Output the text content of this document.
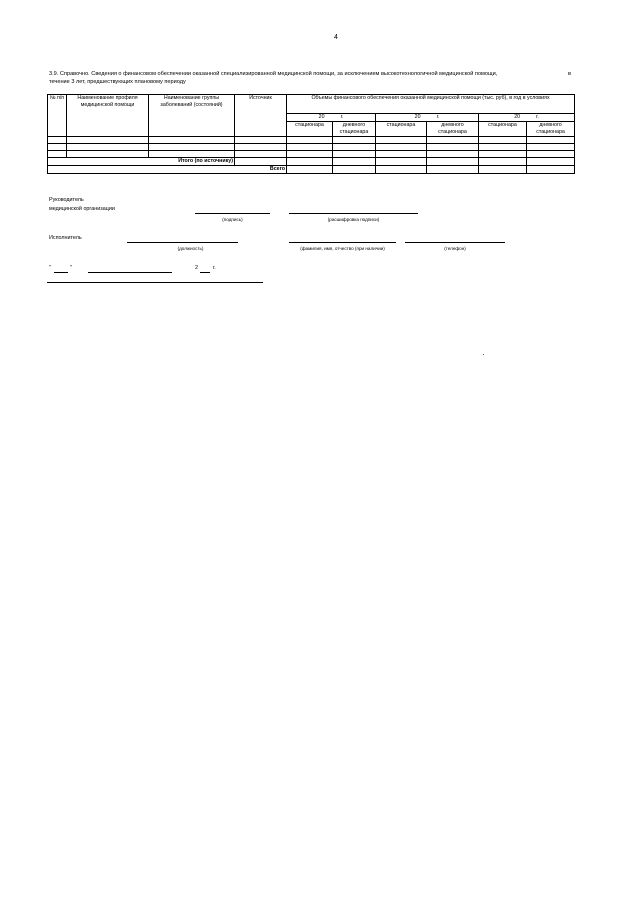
4
3.9. Справочно. Сведения о финансовом обеспечении оказанной специализированной медицинской помощи, за исключением высокотехнологичной медицинской помощи,	в
течение 3 лет, предшествующих плановому периоду
№ п/п	Наименование профиля медицинской помощи	Наименование группы заболеваний (состояний)	Источник	Объемы финансового обеспечения оказанной медицинской помощи (тыс. руб), в год в условиях					
				20 г.		20 г.		20 г.	
				стационара	дневного стационара	стационара	дневного стационара	стационара	дневного стационара

Итого (по источнику)									
Всего									
Руководитель
медицинской организации
(подпись)	(расшифровка подписи)
Исполнитель
(должность)	(фамилия, имя, отчество (при наличии)	(телефон)
"	"	2	г.
